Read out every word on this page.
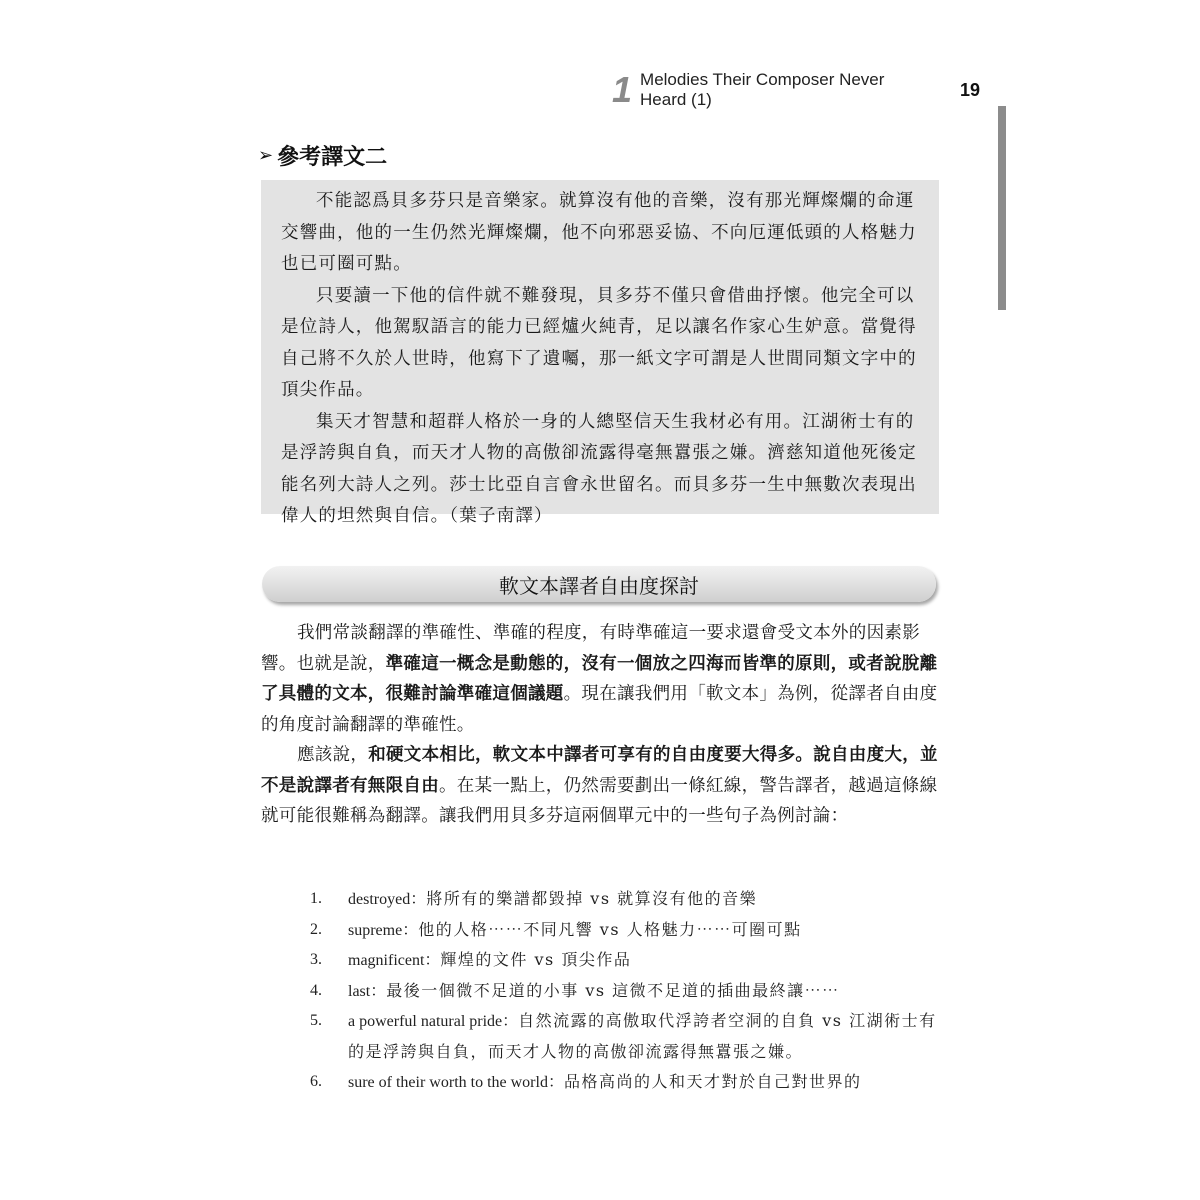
1 Melodies Their Composer Never Heard (1)	19
➢ 參考譯文二

不能認爲貝多芬只是音樂家。就算沒有他的音樂，沒有那光輝燦爛的命運交響曲，他的一生仍然光輝燦爛，他不向邪惡妥協、不向厄運低頭的人格魅力也已可圈可點。

只要讀一下他的信件就不難發現，貝多芬不僅只會借曲抒懷。他完全可以是位詩人，他駕馭語言的能力已經爐火純青，足以讓名作家心生妒意。當覺得自己將不久於人世時，他寫下了遺囑，那一紙文字可謂是人世間同類文字中的頂尖作品。

集天才智慧和超群人格於一身的人總堅信天生我材必有用。江湖術士有的是浮誇與自負，而天才人物的高傲卻流露得毫無囂張之嫌。濟慈知道他死後定能名列大詩人之列。莎士比亞自言會永世留名。而貝多芬一生中無數次表現出偉人的坦然與自信。（葉子南譯）

軟文本譯者自由度探討

我們常談翻譯的準確性、準確的程度，有時準確這一要求還會受文本外的因素影響。也就是說，準確這一概念是動態的，沒有一個放之四海而皆準的原則，或者說脫離了具體的文本，很難討論準確這個議題。現在讓我們用「軟文本」為例，從譯者自由度的角度討論翻譯的準確性。

應該說，和硬文本相比，軟文本中譯者可享有的自由度要大得多。說自由度大，並不是說譯者有無限自由。在某一點上，仍然需要劃出一條紅線，警告譯者，越過這條線就可能很難稱為翻譯。讓我們用貝多芬這兩個單元中的一些句子為例討論：

1.	destroyed：將所有的樂譜都毀掉 vs 就算沒有他的音樂
2.	supreme：他的人格⋯⋯不同凡響 vs 人格魅力⋯⋯可圈可點
3.	magnificent：輝煌的文件 vs 頂尖作品
4.	last：最後一個微不足道的小事 vs 這微不足道的插曲最終讓⋯⋯
5.	a powerful natural pride：自然流露的高傲取代浮誇者空洞的自負 vs 江湖術士有的是浮誇與自負，而天才人物的高傲卻流露得無囂張之嫌。
6.	sure of their worth to the world：品格高尚的人和天才對於自己對世界的
